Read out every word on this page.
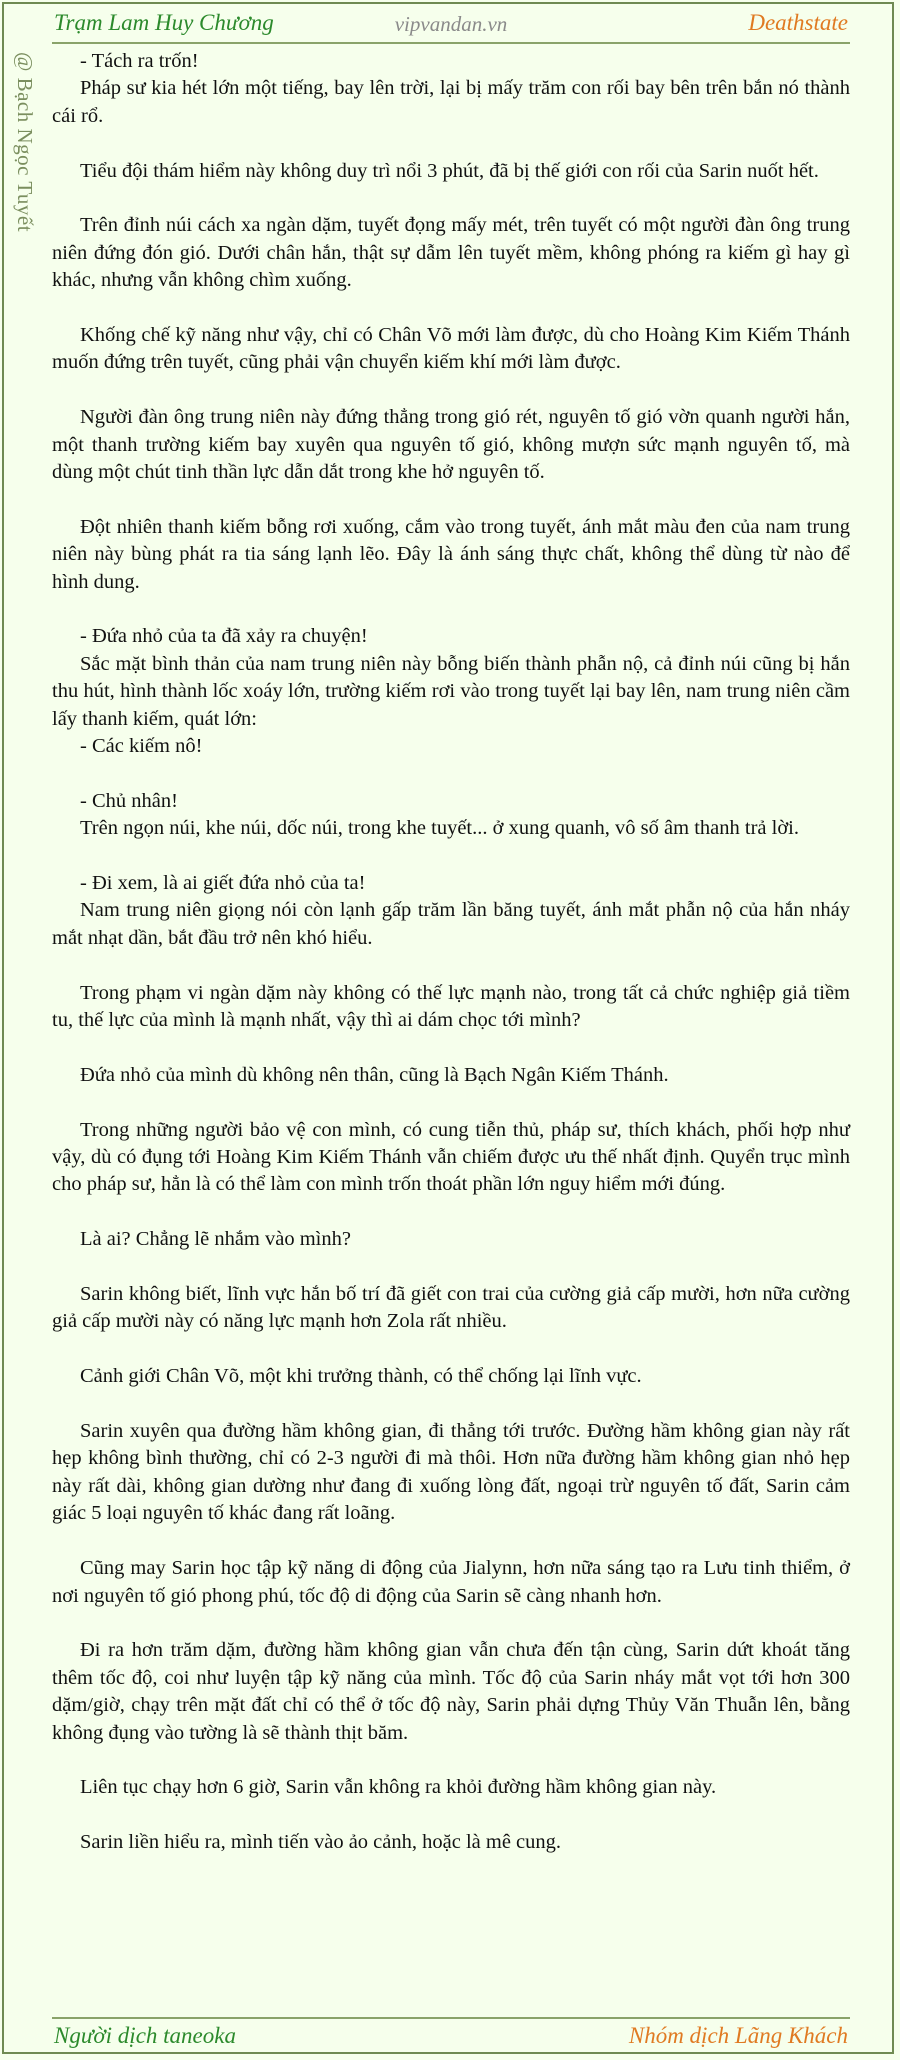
Trạm Lam Huy Chương	vipvandan.vn	Deathstate
@ Bạch Ngọc Tuyết	- Tách ra trốn!

Pháp sư kia hét lớn một tiếng, bay lên trời, lại bị mấy trăm con rối bay bên trên bắn nó thành cái rổ.

Tiểu đội thám hiểm này không duy trì nổi 3 phút, đã bị thế giới con rối của Sarin nuốt hết.

Trên đỉnh núi cách xa ngàn dặm, tuyết đọng mấy mét, trên tuyết có một người đàn ông trung niên đứng đón gió. Dưới chân hắn, thật sự dẫm lên tuyết mềm, không phóng ra kiếm gì hay gì khác, nhưng vẫn không chìm xuống.

Khống chế kỹ năng như vậy, chỉ có Chân Võ mới làm được, dù cho Hoàng Kim Kiếm Thánh muốn đứng trên tuyết, cũng phải vận chuyển kiếm khí mới làm được.

Người đàn ông trung niên này đứng thẳng trong gió rét, nguyên tố gió vờn quanh người hắn, một thanh trường kiếm bay xuyên qua nguyên tố gió, không mượn sức mạnh nguyên tố, mà dùng một chút tinh thần lực dẫn dắt trong khe hở nguyên tố.

Đột nhiên thanh kiếm bỗng rơi xuống, cắm vào trong tuyết, ánh mắt màu đen của nam trung niên này bùng phát ra tia sáng lạnh lẽo. Đây là ánh sáng thực chất, không thể dùng từ nào để hình dung.

- Đứa nhỏ của ta đã xảy ra chuyện!

Sắc mặt bình thản của nam trung niên này bỗng biến thành phẫn nộ, cả đỉnh núi cũng bị hắn thu hút, hình thành lốc xoáy lớn, trường kiếm rơi vào trong tuyết lại bay lên, nam trung niên cầm lấy thanh kiếm, quát lớn:

- Các kiếm nô!

- Chủ nhân!

Trên ngọn núi, khe núi, dốc núi, trong khe tuyết... ở xung quanh, vô số âm thanh trả lời.

- Đi xem, là ai giết đứa nhỏ của ta!

Nam trung niên giọng nói còn lạnh gấp trăm lần băng tuyết, ánh mắt phẫn nộ của hắn nháy mắt nhạt dần, bắt đầu trở nên khó hiểu.

Trong phạm vi ngàn dặm này không có thế lực mạnh nào, trong tất cả chức nghiệp giả tiềm tu, thế lực của mình là mạnh nhất, vậy thì ai dám chọc tới mình?

Đứa nhỏ của mình dù không nên thân, cũng là Bạch Ngân Kiếm Thánh.

Trong những người bảo vệ con mình, có cung tiễn thủ, pháp sư, thích khách, phối hợp như vậy, dù có đụng tới Hoàng Kim Kiếm Thánh vẫn chiếm được ưu thế nhất định. Quyển trục mình cho pháp sư, hẳn là có thể làm con mình trốn thoát phần lớn nguy hiểm mới đúng.

Là ai? Chẳng lẽ nhắm vào mình?

Sarin không biết, lĩnh vực hắn bố trí đã giết con trai của cường giả cấp mười, hơn nữa cường giả cấp mười này có năng lực mạnh hơn Zola rất nhiều.

Cảnh giới Chân Võ, một khi trưởng thành, có thể chống lại lĩnh vực.

Sarin xuyên qua đường hầm không gian, đi thẳng tới trước. Đường hầm không gian này rất hẹp không bình thường, chỉ có 2-3 người đi mà thôi. Hơn nữa đường hầm không gian nhỏ hẹp này rất dài, không gian dường như đang đi xuống lòng đất, ngoại trừ nguyên tố đất, Sarin cảm giác 5 loại nguyên tố khác đang rất loãng.

Cũng may Sarin học tập kỹ năng di động của Jialynn, hơn nữa sáng tạo ra Lưu tinh thiểm, ở nơi nguyên tố gió phong phú, tốc độ di động của Sarin sẽ càng nhanh hơn.

Đi ra hơn trăm dặm, đường hầm không gian vẫn chưa đến tận cùng, Sarin dứt khoát tăng thêm tốc độ, coi như luyện tập kỹ năng của mình. Tốc độ của Sarin nháy mắt vọt tới hơn 300 dặm/giờ, chạy trên mặt đất chỉ có thể ở tốc độ này, Sarin phải dựng Thủy Văn Thuẫn lên, bằng không đụng vào tường là sẽ thành thịt băm.

Liên tục chạy hơn 6 giờ, Sarin vẫn không ra khỏi đường hầm không gian này.

Sarin liền hiểu ra, mình tiến vào ảo cảnh, hoặc là mê cung.

Người dịch taneoka	Nhóm dịch Lãng Khách
